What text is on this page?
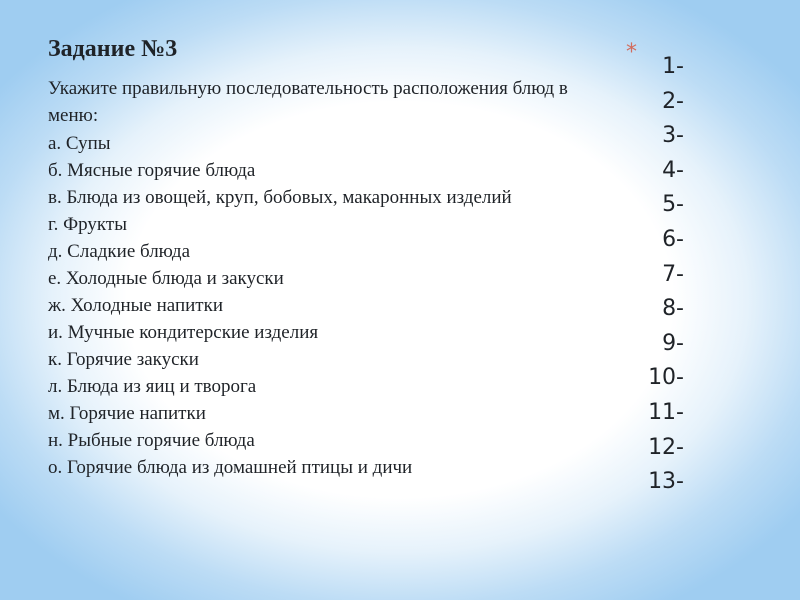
Задание №3
Укажите правильную последовательность расположения блюд в меню:
а. Супы
б. Мясные горячие блюда
в. Блюда из овощей, круп, бобовых, макаронных изделий
г. Фрукты
д. Сладкие блюда
е. Холодные блюда и закуски
ж. Холодные напитки
и. Мучные кондитерские изделия
к. Горячие закуски
л. Блюда из яиц и творога
м. Горячие напитки
н. Рыбные горячие блюда
о. Горячие блюда из домашней птицы и дичи
*
1-
2-
3-
4-
5-
6-
7-
8-
9-
10-
11-
12-
13-
